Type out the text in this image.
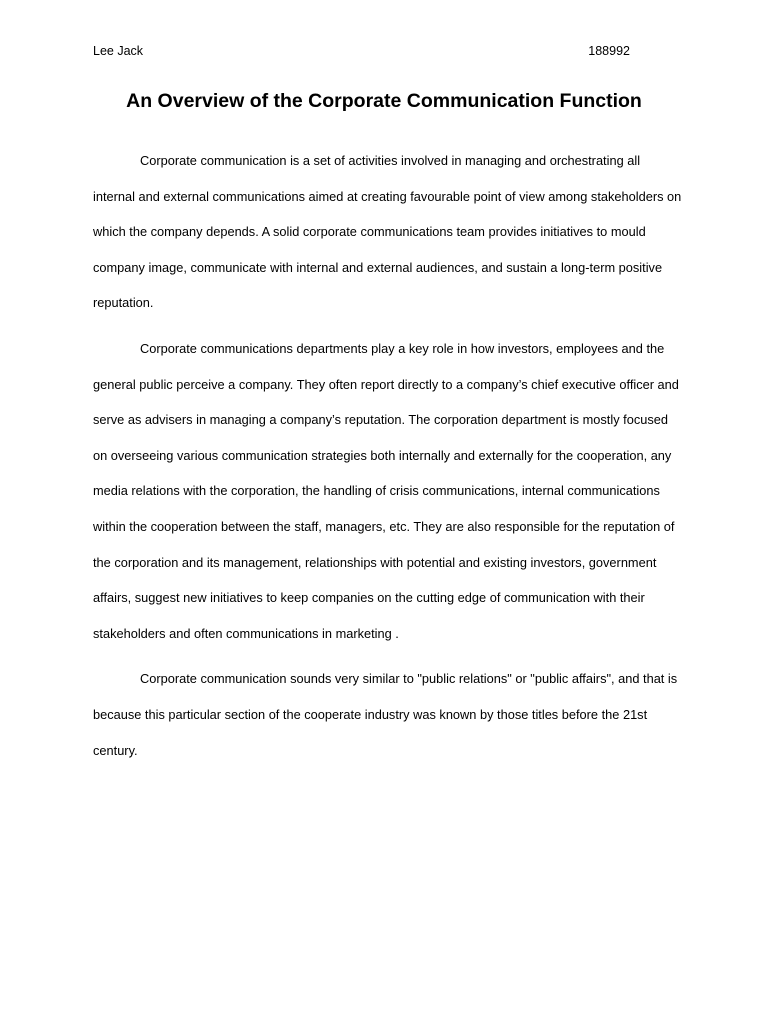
Lee Jack	188992
An Overview of the Corporate Communication Function

Corporate communication is a set of activities involved in managing and orchestrating all internal and external communications aimed at creating favourable point of view among stakeholders on which the company depends. A solid corporate communications team provides initiatives to mould company image, communicate with internal and external audiences, and sustain a long-term positive reputation.

Corporate communications departments play a key role in how investors, employees and the general public perceive a company. They often report directly to a company’s chief executive officer and serve as advisers in managing a company’s reputation. The corporation department is mostly focused on overseeing various communication strategies both internally and externally for the cooperation, any media relations with the corporation, the handling of crisis communications, internal communications within the cooperation between the staff, managers, etc. They are also responsible for the reputation of the corporation and its management, relationships with potential and existing investors, government affairs, suggest new initiatives to keep companies on the cutting edge of communication with their stakeholders and often communications in marketing .

Corporate communication sounds very similar to "public relations" or "public affairs", and that is because this particular section of the cooperate industry was known by those titles before the 21st century.
